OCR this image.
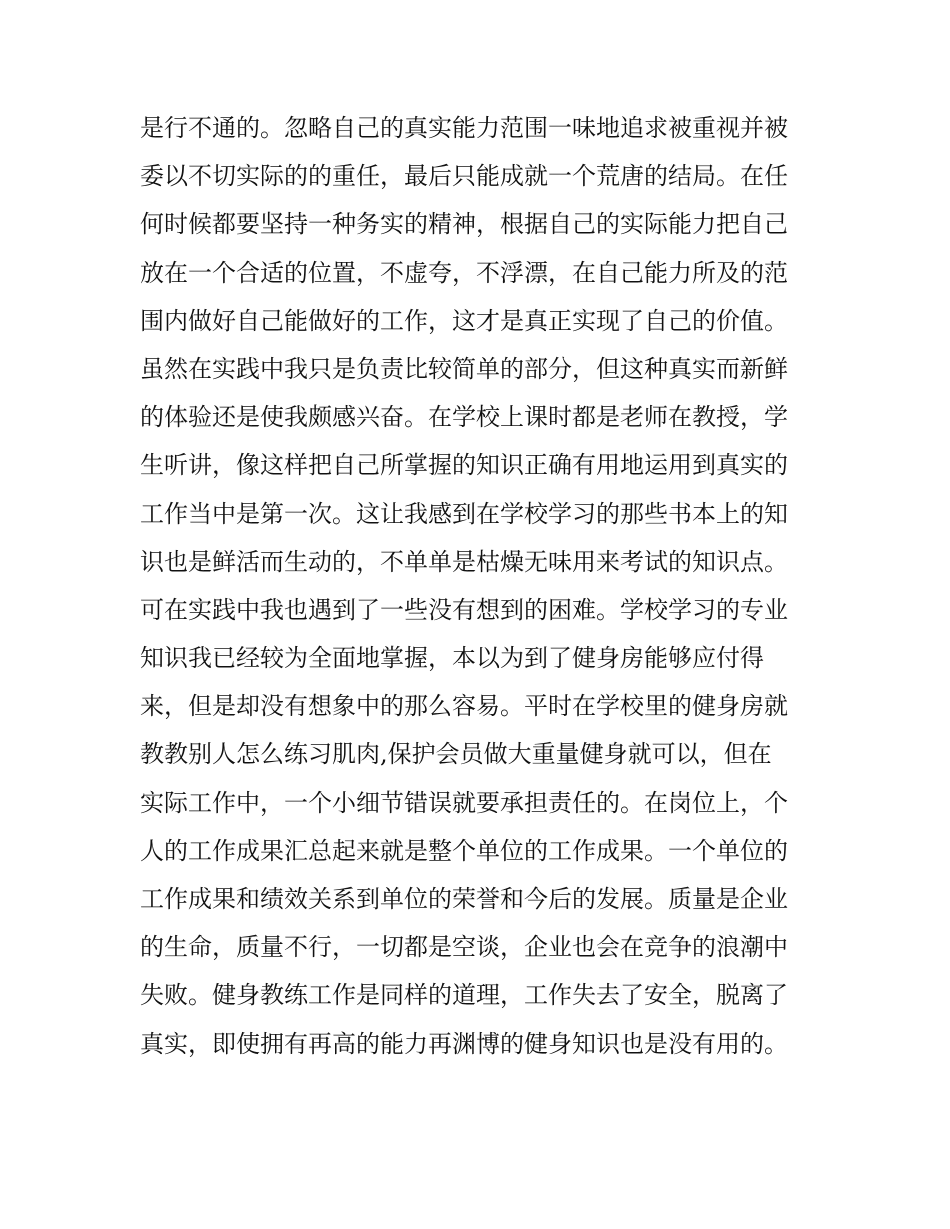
是行不通的。忽略自己的真实能力范围一味地追求被重视并被
委以不切实际的的重任，最后只能成就一个荒唐的结局。在任
何时候都要坚持一种务实的精神，根据自己的实际能力把自己
放在一个合适的位置，不虚夸，不浮漂，在自己能力所及的范
围内做好自己能做好的工作，这才是真正实现了自己的价值。
虽然在实践中我只是负责比较简单的部分，但这种真实而新鲜
的体验还是使我颇感兴奋。在学校上课时都是老师在教授，学
生听讲，像这样把自己所掌握的知识正确有用地运用到真实的
工作当中是第一次。这让我感到在学校学习的那些书本上的知
识也是鲜活而生动的，不单单是枯燥无味用来考试的知识点。
可在实践中我也遇到了一些没有想到的困难。学校学习的专业
知识我已经较为全面地掌握，本以为到了健身房能够应付得
来，但是却没有想象中的那么容易。平时在学校里的健身房就
教教别人怎么练习肌肉,保护会员做大重量健身就可以，但在
实际工作中，一个小细节错误就要承担责任的。在岗位上，个
人的工作成果汇总起来就是整个单位的工作成果。一个单位的
工作成果和绩效关系到单位的荣誉和今后的发展。质量是企业
的生命，质量不行，一切都是空谈，企业也会在竞争的浪潮中
失败。健身教练工作是同样的道理，工作失去了安全，脱离了
真实，即使拥有再高的能力再渊博的健身知识也是没有用的。
